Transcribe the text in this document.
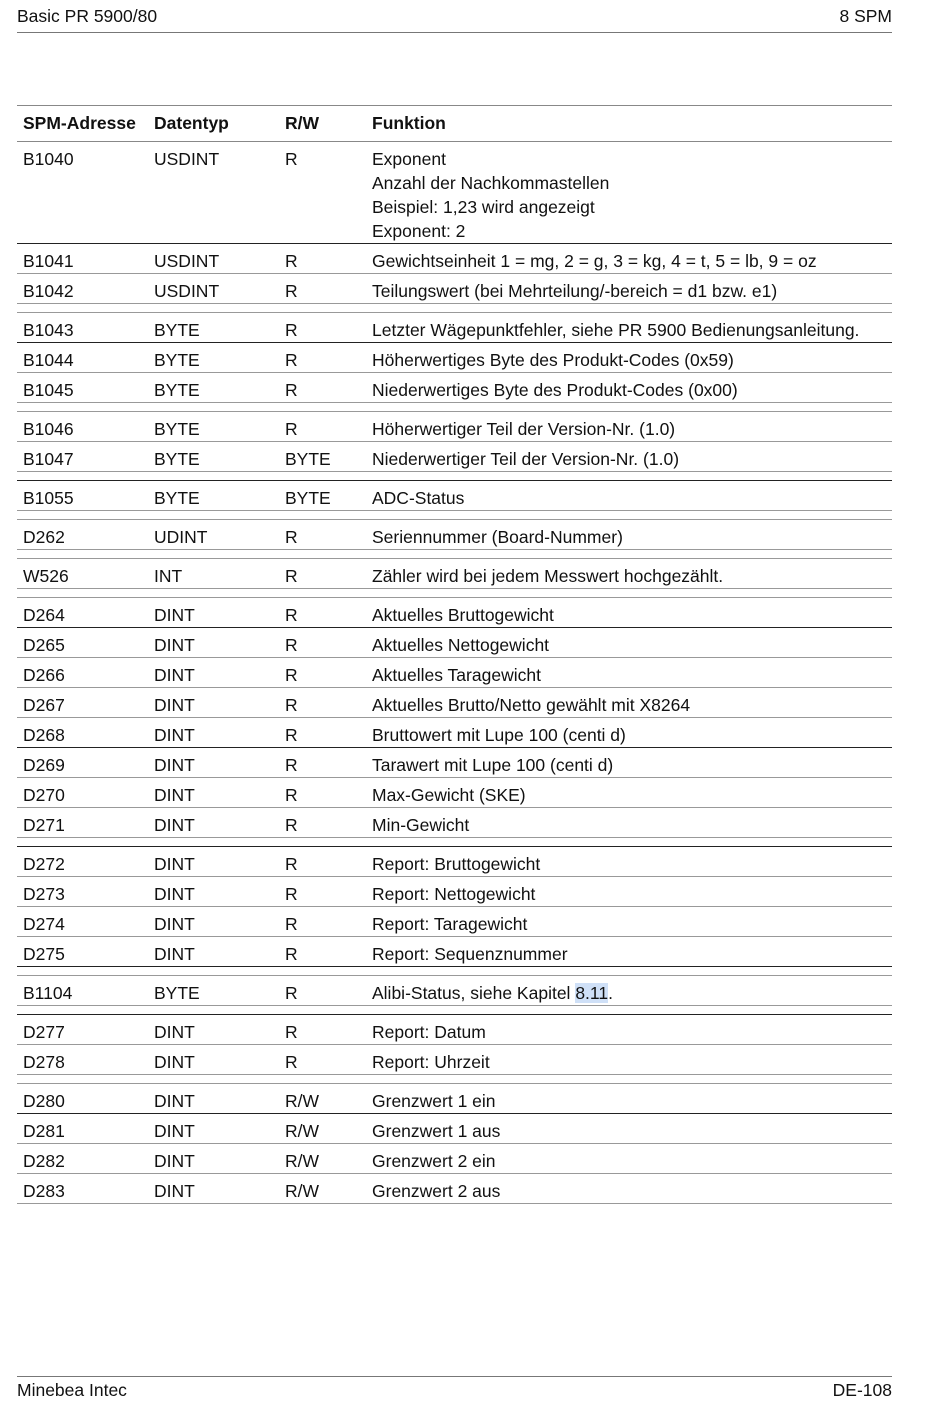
Basic PR 5900/80	8 SPM
SPM-Adresse	Datentyp	R/W	Funktion
B1040	USDINT	R	Exponent
Anzahl der Nachkommastellen
Beispiel: 1,23 wird angezeigt
Exponent: 2

B1041	USDINT	R	Gewichtseinheit 1 = mg, 2 = g, 3 = kg, 4 = t, 5 = lb, 9 = oz
B1042	USDINT	R	Teilungswert (bei Mehrteilung/-bereich = d1 bzw. e1)

B1043	BYTE	R	Letzter Wägepunktfehler, siehe PR 5900 Bedienungsanleitung.
B1044	BYTE	R	Höherwertiges Byte des Produkt-Codes (0x59)
B1045	BYTE	R	Niederwertiges Byte des Produkt-Codes (0x00)

B1046	BYTE	R	Höherwertiger Teil der Version-Nr. (1.0)
B1047	BYTE	BYTE	Niederwertiger Teil der Version-Nr. (1.0)

B1055	BYTE	BYTE	ADC-Status

D262	UDINT	R	Seriennummer (Board-Nummer)

W526	INT	R	Zähler wird bei jedem Messwert hochgezählt.

D264	DINT	R	Aktuelles Bruttogewicht
D265	DINT	R	Aktuelles Nettogewicht
D266	DINT	R	Aktuelles Taragewicht
D267	DINT	R	Aktuelles Brutto/Netto gewählt mit X8264
D268	DINT	R	Bruttowert mit Lupe 100 (centi d)
D269	DINT	R	Tarawert mit Lupe 100 (centi d)
D270	DINT	R	Max-Gewicht (SKE)
D271	DINT	R	Min-Gewicht

D272	DINT	R	Report: Bruttogewicht
D273	DINT	R	Report: Nettogewicht
D274	DINT	R	Report: Taragewicht
D275	DINT	R	Report: Sequenznummer

B1104	BYTE	R	Alibi-Status, siehe Kapitel 8.11.

D277	DINT	R	Report: Datum
D278	DINT	R	Report: Uhrzeit

D280	DINT	R/W	Grenzwert 1 ein
D281	DINT	R/W	Grenzwert 1 aus
D282	DINT	R/W	Grenzwert 2 ein
D283	DINT	R/W	Grenzwert 2 aus
Minebea Intec	DE-108
